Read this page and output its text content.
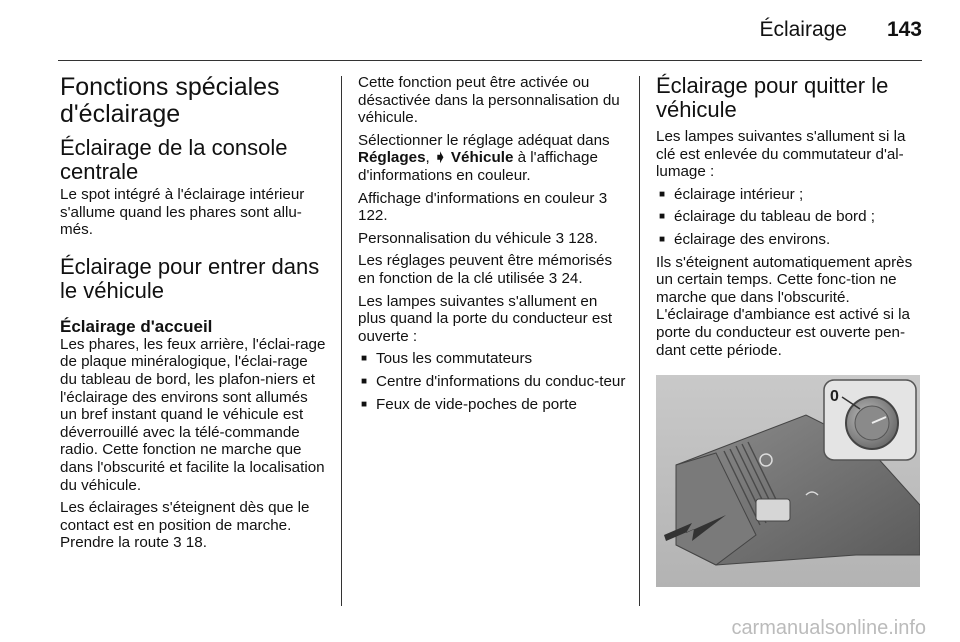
Éclairage 143
Fonctions spéciales d'éclairage
Éclairage de la console centrale

Le spot intégré à l'éclairage intérieur s'allume quand les phares sont allu-més.

Éclairage pour entrer dans le véhicule
Éclairage d'accueil

Les phares, les feux arrière, l'éclai-rage de plaque minéralogique, l'éclai-rage du tableau de bord, les plafon-niers et l'éclairage des environs sont allumés un bref instant quand le véhicule est déverrouillé avec la télé-commande radio. Cette fonction ne marche que dans l'obscurité et facilite la localisation du véhicule.

Les éclairages s'éteignent dès que le contact est en position de marche.

Prendre la route 3 18.

Cette fonction peut être activée ou désactivée dans la personnalisation du véhicule.

Sélectionner le réglage adéquat dans Réglages, ➧ Véhicule à l'affichage d'informations en couleur.

Affichage d'informations en couleur 3 122.

Personnalisation du véhicule 3 128.

Les réglages peuvent être mémorisés en fonction de la clé utilisée 3 24.

Les lampes suivantes s'allument en plus quand la porte du conducteur est ouverte :

■ Tous les commutateurs
■ Centre d'informations du conduc-teur
■ Feux de vide-poches de porte
Éclairage pour quitter le véhicule

Les lampes suivantes s'allument si la clé est enlevée du commutateur d'al-lumage :

■ éclairage intérieur ;
■ éclairage du tableau de bord ;
■ éclairage des environs.

Ils s'éteignent automatiquement après un certain temps. Cette fonc-tion ne marche que dans l'obscurité.

L'éclairage d'ambiance est activé si la porte du conducteur est ouverte pen-dant cette période.

0
carmanualsonline.info
